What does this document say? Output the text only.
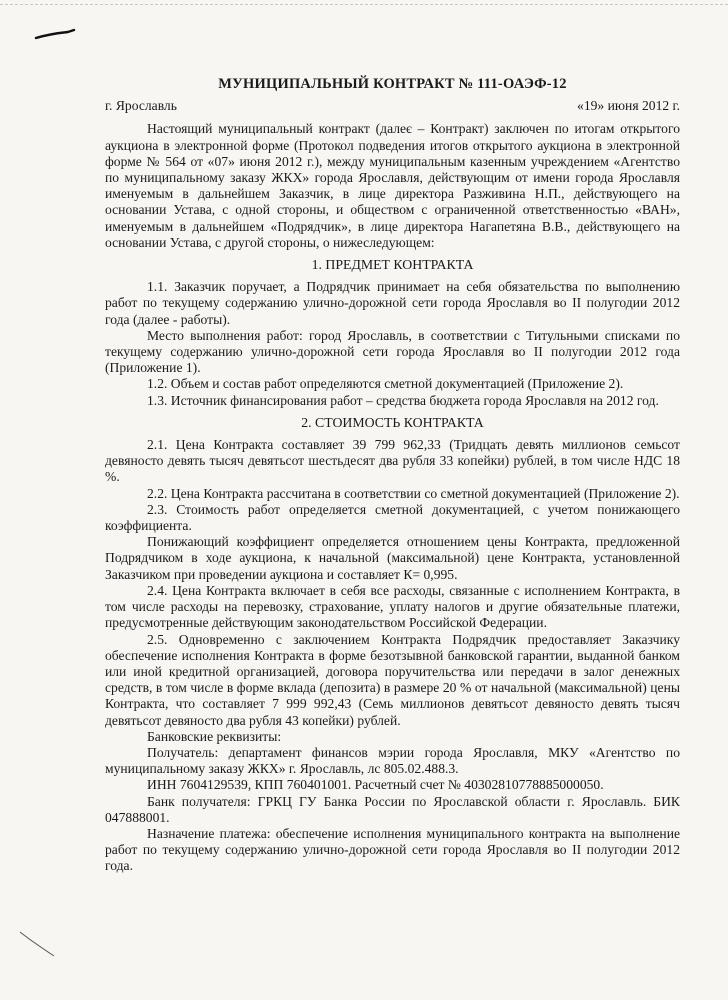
МУНИЦИПАЛЬНЫЙ КОНТРАКТ № 111-ОАЭФ-12
г. Ярославль	«19» июня 2012 г.

Настоящий муниципальный контракт (далеє – Контракт) заключен по итогам открытого аукциона в электронной форме (Протокол подведения итогов открытого аукциона в электронной форме № 564 от «07» июня 2012 г.), между муниципальным казенным учреждением «Агентство по муниципальному заказу ЖКХ» города Ярославля, действующим от имени города Ярославля именуемым в дальнейшем Заказчик, в лице директора Разживина Н.П., действующего на основании Устава, с одной стороны, и обществом с ограниченной ответственностью «ВАН», именуемым в дальнейшем «Подрядчик», в лице директора Нагапетяна В.В., действующего на основании Устава, с другой стороны, о нижеследующем:

1. ПРЕДМЕТ КОНТРАКТА

1.1. Заказчик поручает, а Подрядчик принимает на себя обязательства по выполнению работ по текущему содержанию улично-дорожной сети города Ярославля во II полугодии 2012 года (далее - работы).

Место выполнения работ: город Ярославль, в соответствии с Титульными списками по текущему содержанию улично-дорожной сети города Ярославля во II полугодии 2012 года (Приложение 1).

1.2. Объем и состав работ определяются сметной документацией (Приложение 2).

1.3. Источник финансирования работ – средства бюджета города Ярославля на 2012 год.

2. СТОИМОСТЬ КОНТРАКТА

2.1. Цена Контракта составляет 39 799 962,33 (Тридцать девять миллионов семьсот девяносто девять тысяч девятьсот шестьдесят два рубля 33 копейки) рублей, в том числе НДС 18 %.

2.2. Цена Контракта рассчитана в соответствии со сметной документацией (Приложение 2).

2.3. Стоимость работ определяется сметной документацией, с учетом понижающего коэффициента.

Понижающий коэффициент определяется отношением цены Контракта, предложенной Подрядчиком в ходе аукциона, к начальной (максимальной) цене Контракта, установленной Заказчиком при проведении аукциона и составляет К= 0,995.

2.4. Цена Контракта включает в себя все расходы, связанные с исполнением Контракта, в том числе расходы на перевозку, страхование, уплату налогов и другие обязательные платежи, предусмотренные действующим законодательством Российской Федерации.

2.5. Одновременно с заключением Контракта Подрядчик предоставляет Заказчику обеспечение исполнения Контракта в форме безотзывной банковской гарантии, выданной банком или иной кредитной организацией, договора поручительства или передачи в залог денежных средств, в том числе в форме вклада (депозита) в размере 20 % от начальной (максимальной) цены Контракта, что составляет 7 999 992,43 (Семь миллионов девятьсот девяносто девять тысяч девятьсот девяносто два рубля 43 копейки) рублей.

Банковские реквизиты:

Получатель: департамент финансов мэрии города Ярославля, МКУ «Агентство по муниципальному заказу ЖКХ» г. Ярославль, лс 805.02.488.3.

ИНН 7604129539, КПП 760401001. Расчетный счет № 40302810778885000050.

Банк получателя: ГРКЦ ГУ Банка России по Ярославской области г. Ярославль. БИК 047888001.

Назначение платежа: обеспечение исполнения муниципального контракта на выполнение работ по текущему содержанию улично-дорожной сети города Ярославля во II полугодии 2012 года.
